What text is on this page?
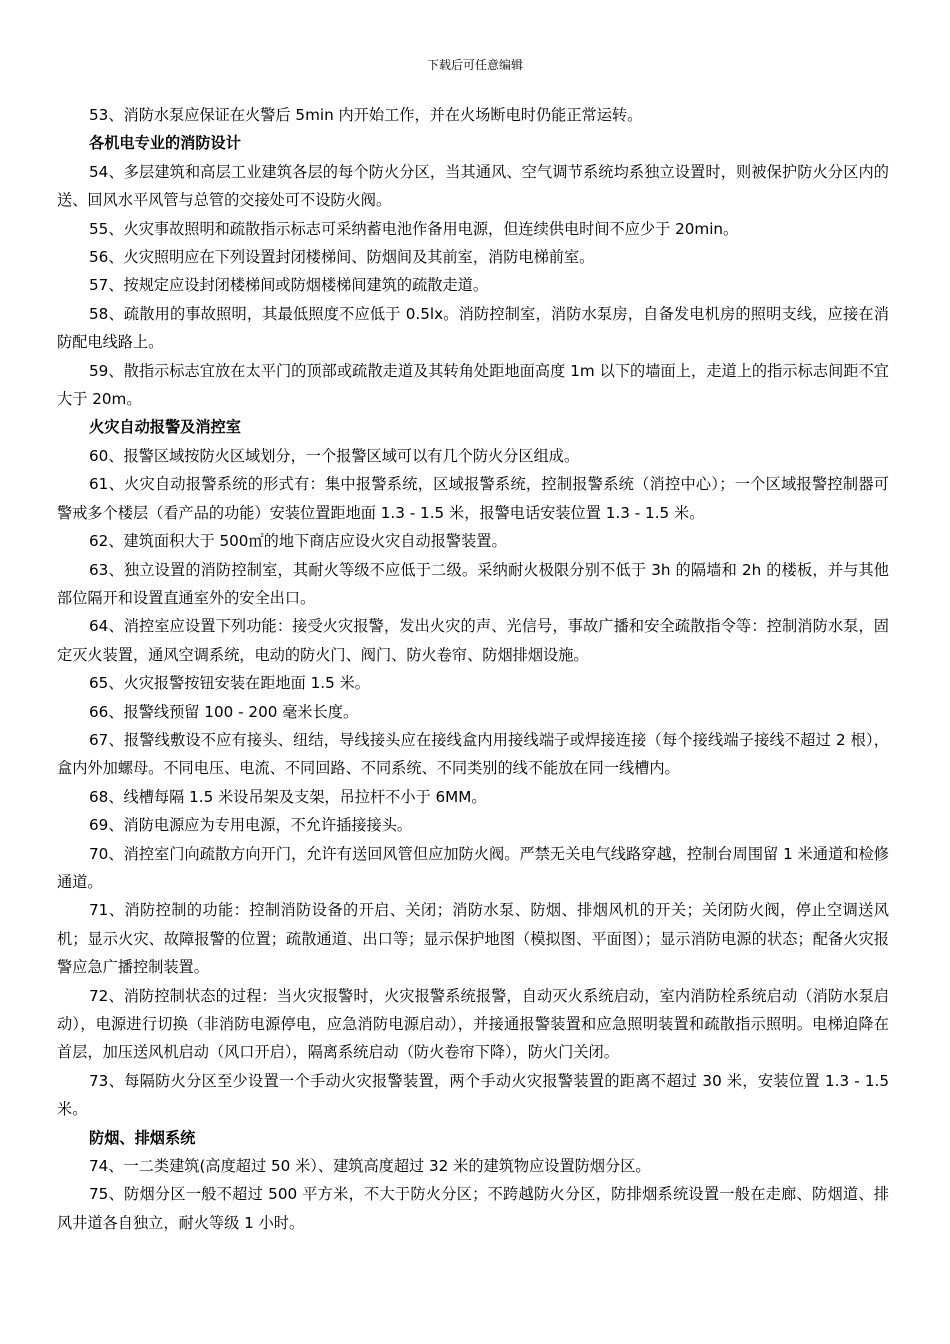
下载后可任意编辑

53、消防水泵应保证在火警后 5min 内开始工作，并在火场断电时仍能正常运转。

各机电专业的消防设计

54、多层建筑和高层工业建筑各层的每个防火分区，当其通风、空气调节系统均系独立设置时，则被保护防火分区内的送、回风水平风管与总管的交接处可不设防火阀。

55、火灾事故照明和疏散指示标志可采纳蓄电池作备用电源，但连续供电时间不应少于 20min。

56、火灾照明应在下列设置封闭楼梯间、防烟间及其前室，消防电梯前室。

57、按规定应设封闭楼梯间或防烟楼梯间建筑的疏散走道。

58、疏散用的事故照明，其最低照度不应低于 0.5lx。消防控制室，消防水泵房，自备发电机房的照明支线，应接在消防配电线路上。

59、散指示标志宜放在太平门的顶部或疏散走道及其转角处距地面高度 1m 以下的墙面上，走道上的指示标志间距不宜大于 20m。

火灾自动报警及消控室

60、报警区域按防火区域划分，一个报警区域可以有几个防火分区组成。

61、火灾自动报警系统的形式有：集中报警系统，区域报警系统，控制报警系统（消控中心）；一个区域报警控制器可警戒多个楼层（看产品的功能）安装位置距地面 1.3 - 1.5 米，报警电话安装位置 1.3 - 1.5 米。

62、建筑面积大于 500㎡的地下商店应设火灾自动报警装置。

63、独立设置的消防控制室，其耐火等级不应低于二级。采纳耐火极限分别不低于 3h 的隔墙和 2h 的楼板，并与其他部位隔开和设置直通室外的安全出口。

64、消控室应设置下列功能：接受火灾报警，发出火灾的声、光信号，事故广播和安全疏散指令等：控制消防水泵，固定灭火装置，通风空调系统，电动的防火门、阀门、防火卷帘、防烟排烟设施。

65、火灾报警按钮安装在距地面 1.5 米。

66、报警线预留 100 - 200 毫米长度。

67、报警线敷设不应有接头、纽结，导线接头应在接线盒内用接线端子或焊接连接（每个接线端子接线不超过 2 根），盒内外加螺母。不同电压、电流、不同回路、不同系统、不同类别的线不能放在同一线槽内。

68、线槽每隔 1.5 米设吊架及支架，吊拉杆不小于 6MM。

69、消防电源应为专用电源，不允许插接接头。

70、消控室门向疏散方向开门，允许有送回风管但应加防火阀。严禁无关电气线路穿越，控制台周围留 1 米通道和检修通道。

71、消防控制的功能：控制消防设备的开启、关闭；消防水泵、防烟、排烟风机的开关；关闭防火阀，停止空调送风机；显示火灾、故障报警的位置；疏散通道、出口等；显示保护地图（模拟图、平面图）；显示消防电源的状态；配备火灾报警应急广播控制装置。

72、消防控制状态的过程：当火灾报警时，火灾报警系统报警，自动灭火系统启动，室内消防栓系统启动（消防水泵启动），电源进行切换（非消防电源停电，应急消防电源启动），并接通报警装置和应急照明装置和疏散指示照明。电梯迫降在首层，加压送风机启动（风口开启），隔离系统启动（防火卷帘下降），防火门关闭。

73、每隔防火分区至少设置一个手动火灾报警装置，两个手动火灾报警装置的距离不超过 30 米，安装位置 1.3 - 1.5 米。

防烟、排烟系统

74、一二类建筑(高度超过 50 米）、建筑高度超过 32 米的建筑物应设置防烟分区。

75、防烟分区一般不超过 500 平方米，不大于防火分区；不跨越防火分区，防排烟系统设置一般在走廊、防烟道、排风井道各自独立，耐火等级 1 小时。
